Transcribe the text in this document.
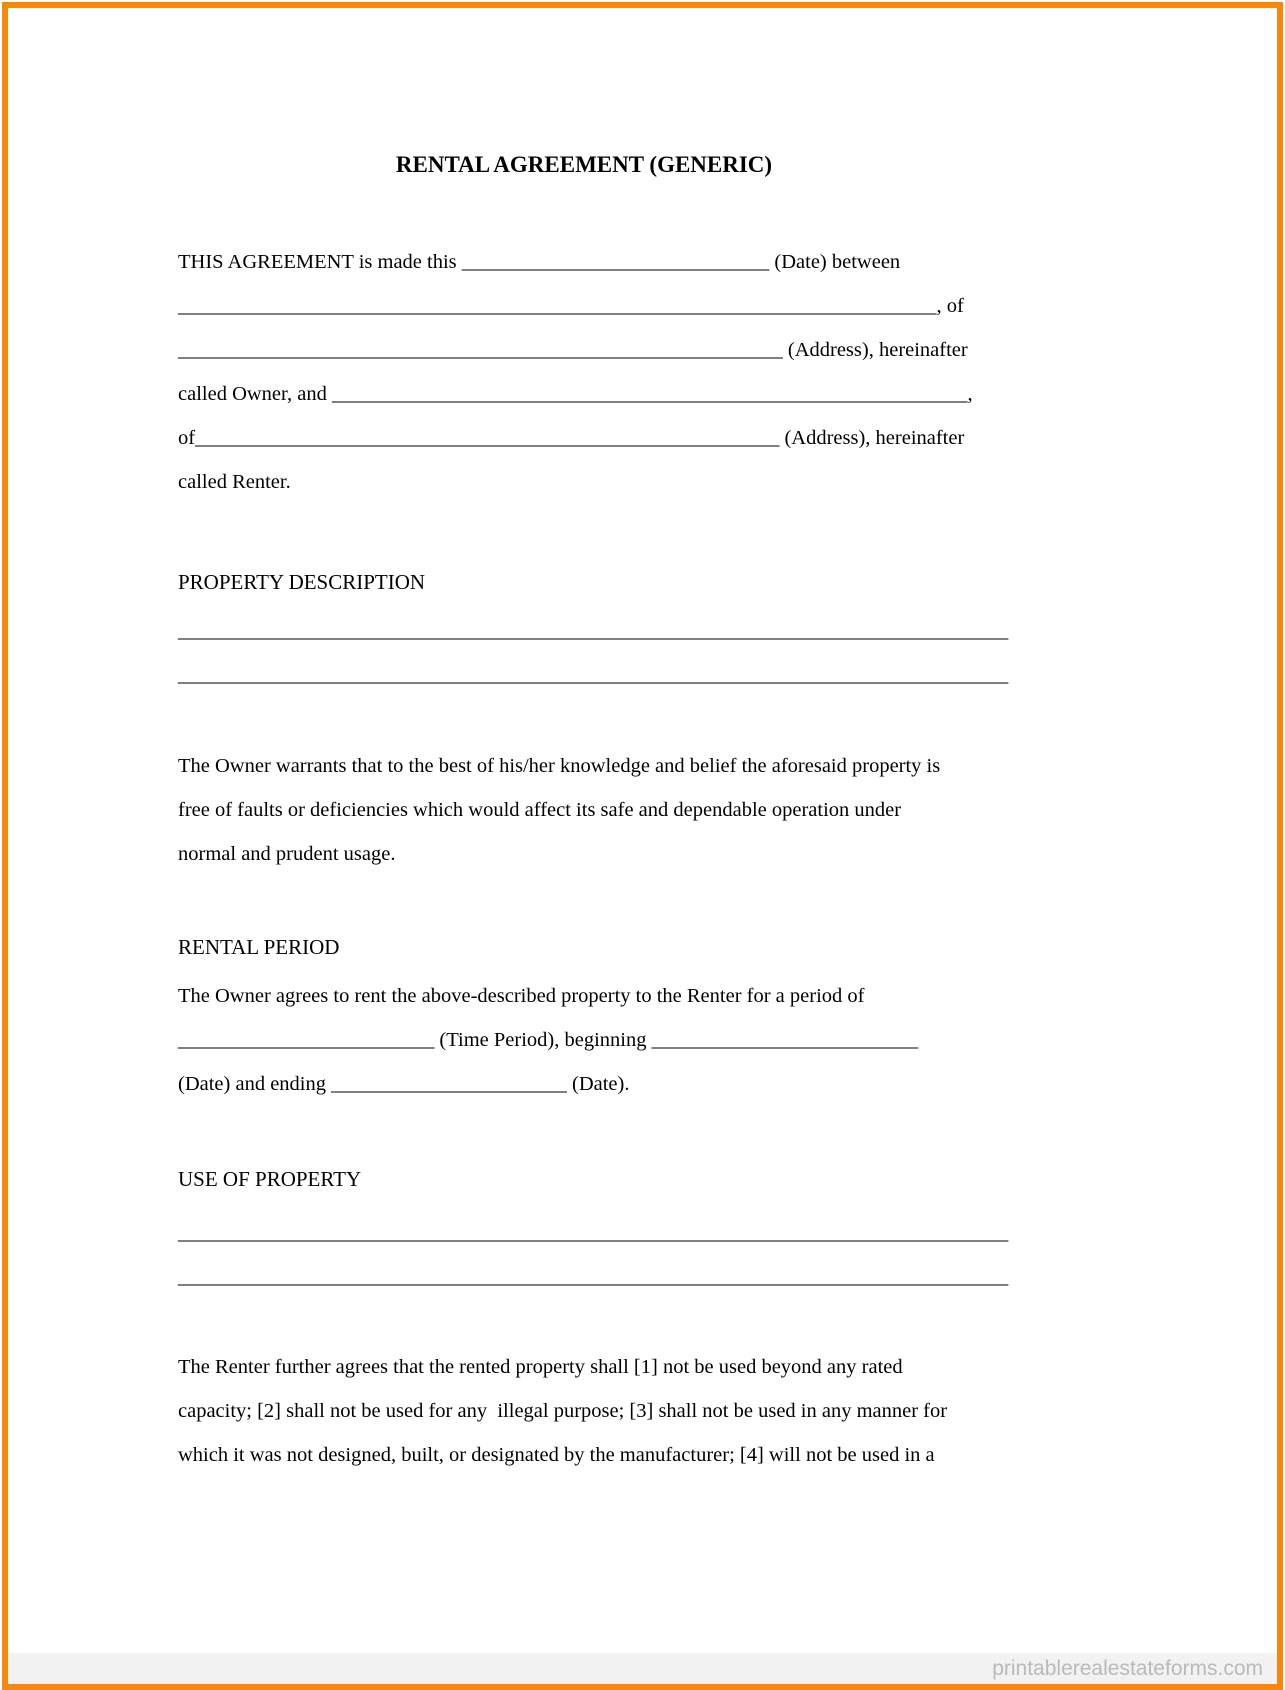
RENTAL AGREEMENT (GENERIC)
THIS AGREEMENT is made this ______________________________ (Date) between
__________________________________________________________________________, of
___________________________________________________________ (Address), hereinafter
called Owner, and ______________________________________________________________,
of_________________________________________________________ (Address), hereinafter
called Renter.
PROPERTY DESCRIPTION
_________________________________________________________________________________
_________________________________________________________________________________
The Owner warrants that to the best of his/her knowledge and belief the aforesaid property is
free of faults or deficiencies which would affect its safe and dependable operation under
normal and prudent usage.
RENTAL PERIOD
The Owner agrees to rent the above-described property to the Renter for a period of
_________________________ (Time Period), beginning __________________________
(Date) and ending _______________________ (Date).
USE OF PROPERTY
_________________________________________________________________________________
_________________________________________________________________________________
The Renter further agrees that the rented property shall [1] not be used beyond any rated
capacity; [2] shall not be used for any  illegal purpose; [3] shall not be used in any manner for
which it was not designed, built, or designated by the manufacturer; [4] will not be used in a
printablerealestateforms.com
